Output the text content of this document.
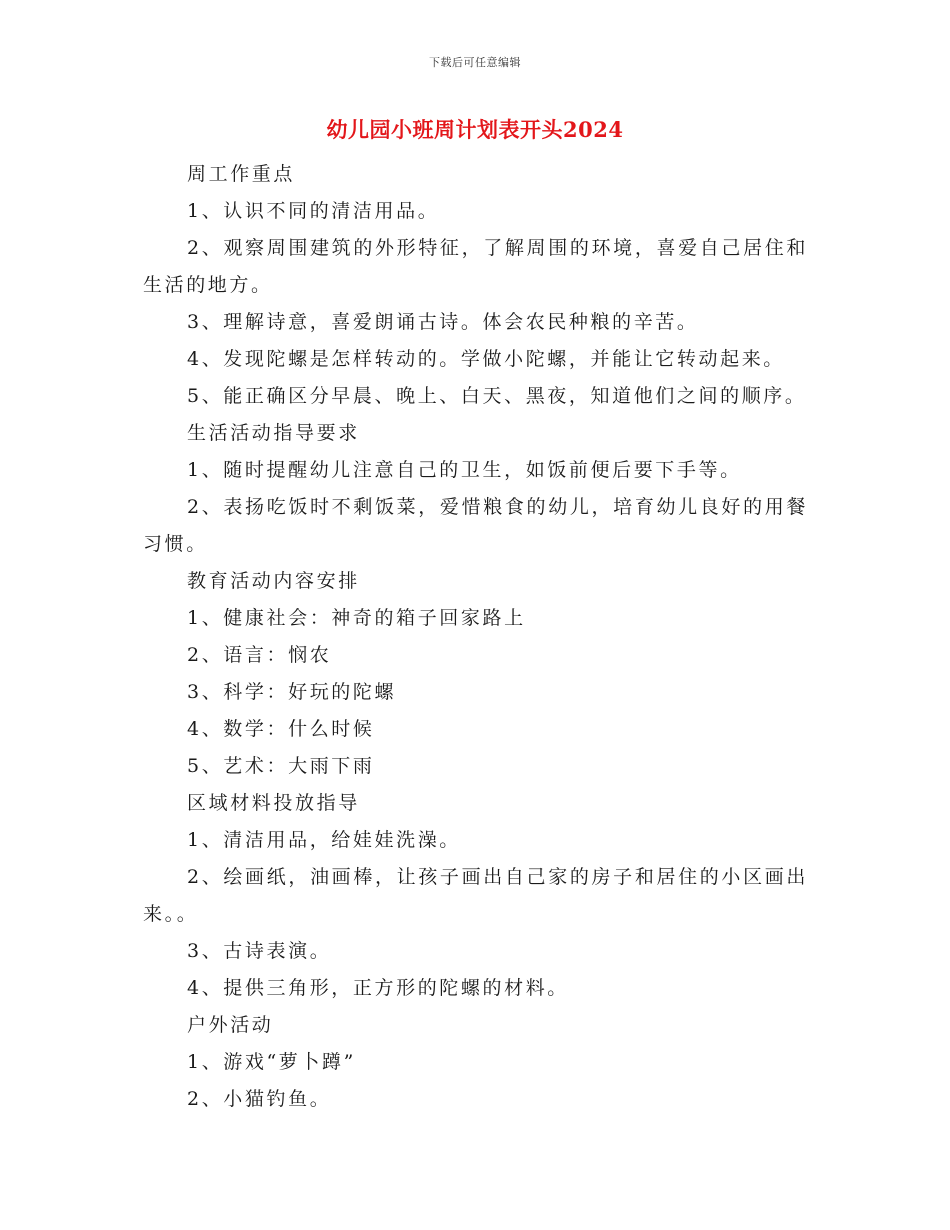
下载后可任意编辑
幼儿园小班周计划表开头2024
周工作重点
1、认识不同的清洁用品。
2、观察周围建筑的外形特征，了解周围的环境，喜爱自己居住和生活的地方。
3、理解诗意，喜爱朗诵古诗。体会农民种粮的辛苦。
4、发现陀螺是怎样转动的。学做小陀螺，并能让它转动起来。
5、能正确区分早晨、晚上、白天、黑夜，知道他们之间的顺序。
生活活动指导要求
1、随时提醒幼儿注意自己的卫生，如饭前便后要下手等。
2、表扬吃饭时不剩饭菜，爱惜粮食的幼儿，培育幼儿良好的用餐习惯。
教育活动内容安排
1、健康社会：神奇的箱子回家路上
2、语言：悯农
3、科学：好玩的陀螺
4、数学：什么时候
5、艺术：大雨下雨
区域材料投放指导
1、清洁用品，给娃娃洗澡。
2、绘画纸，油画棒，让孩子画出自己家的房子和居住的小区画出来。。
3、古诗表演。
4、提供三角形，正方形的陀螺的材料。
户外活动
1、游戏“萝卜蹲”
2、小猫钓鱼。
